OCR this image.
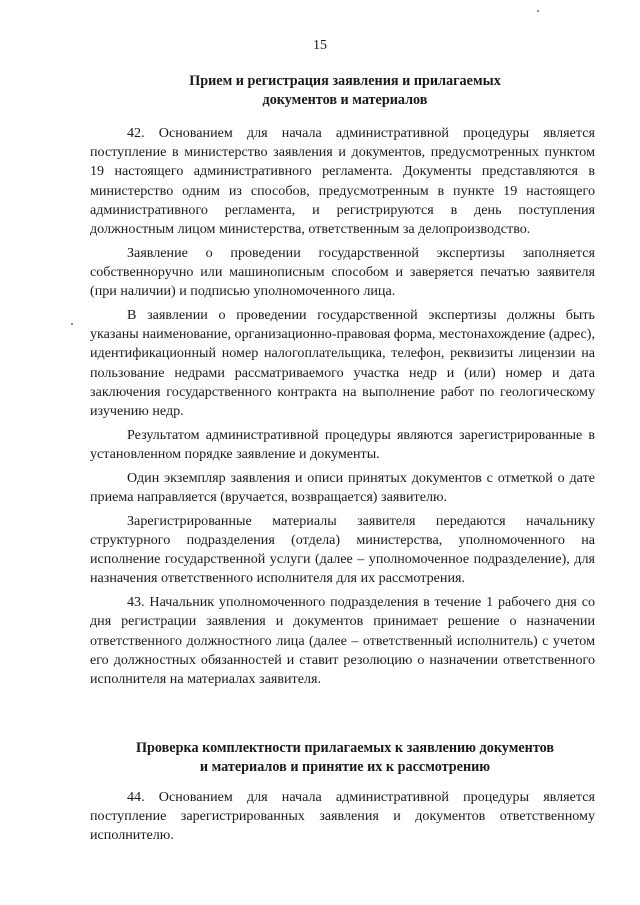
15
Прием и регистрация заявления и прилагаемых
документов и материалов

42. Основанием для начала административной процедуры является поступление в министерство заявления и документов, предусмотренных пунктом 19 настоящего административного регламента. Документы представляются в министерство одним из способов, предусмотренным в пункте 19 настоящего административного регламента, и регистрируются в день поступления должностным лицом министерства, ответственным за делопроизводство.

Заявление о проведении государственной экспертизы заполняется собственноручно или машинописным способом и заверяется печатью заявителя (при наличии) и подписью уполномоченного лица.

В заявлении о проведении государственной экспертизы должны быть указаны наименование, организационно-правовая форма, местонахождение (адрес), идентификационный номер налогоплательщика, телефон, реквизиты лицензии на пользование недрами рассматриваемого участка недр и (или) номер и дата заключения государственного контракта на выполнение работ по геологическому изучению недр.

Результатом административной процедуры являются зарегистрированные в установленном порядке заявление и документы.

Один экземпляр заявления и описи принятых документов с отметкой о дате приема направляется (вручается, возвращается) заявителю.

Зарегистрированные материалы заявителя передаются начальнику структурного подразделения (отдела) министерства, уполномоченного на исполнение государственной услуги (далее – уполномоченное подразделение), для назначения ответственного исполнителя для их рассмотрения.

43. Начальник уполномоченного подразделения в течение 1 рабочего дня со дня регистрации заявления и документов принимает решение о назначении ответственного должностного лица (далее – ответственный исполнитель) с учетом его должностных обязанностей и ставит резолюцию о назначении ответственного исполнителя на материалах заявителя.

Проверка комплектности прилагаемых к заявлению документов
и материалов и принятие их к рассмотрению

44. Основанием для начала административной процедуры является поступление зарегистрированных заявления и документов ответственному исполнителю.
